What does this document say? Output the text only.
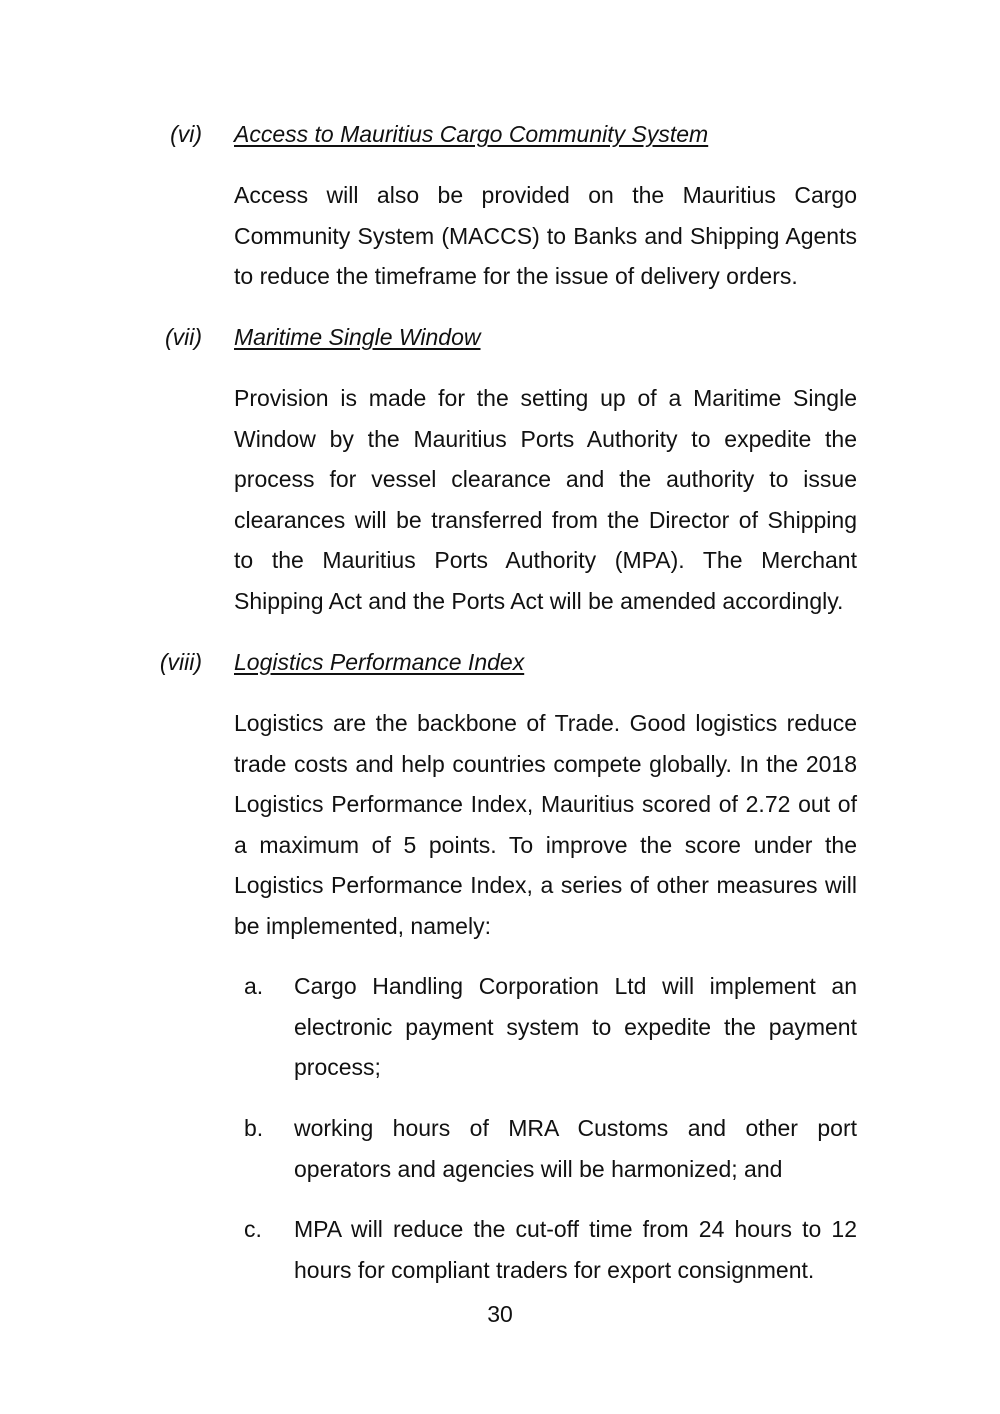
(vi) Access to Mauritius Cargo Community System

Access will also be provided on the Mauritius Cargo Community System (MACCS) to Banks and Shipping Agents to reduce the timeframe for the issue of delivery orders.

(vii) Maritime Single Window

Provision is made for the setting up of a Maritime Single Window by the Mauritius Ports Authority to expedite the process for vessel clearance and the authority to issue clearances will be transferred from the Director of Shipping to the Mauritius Ports Authority (MPA). The Merchant Shipping Act and the Ports Act will be amended accordingly.

(viii) Logistics Performance Index

Logistics are the backbone of Trade. Good logistics reduce trade costs and help countries compete globally. In the 2018 Logistics Performance Index, Mauritius scored of 2.72 out of a maximum of 5 points. To improve the score under the Logistics Performance Index, a series of other measures will be implemented, namely:

a. Cargo Handling Corporation Ltd will implement an electronic payment system to expedite the payment process;

b. working hours of MRA Customs and other port operators and agencies will be harmonized; and

c. MPA will reduce the cut-off time from 24 hours to 12 hours for compliant traders for export consignment.

30
